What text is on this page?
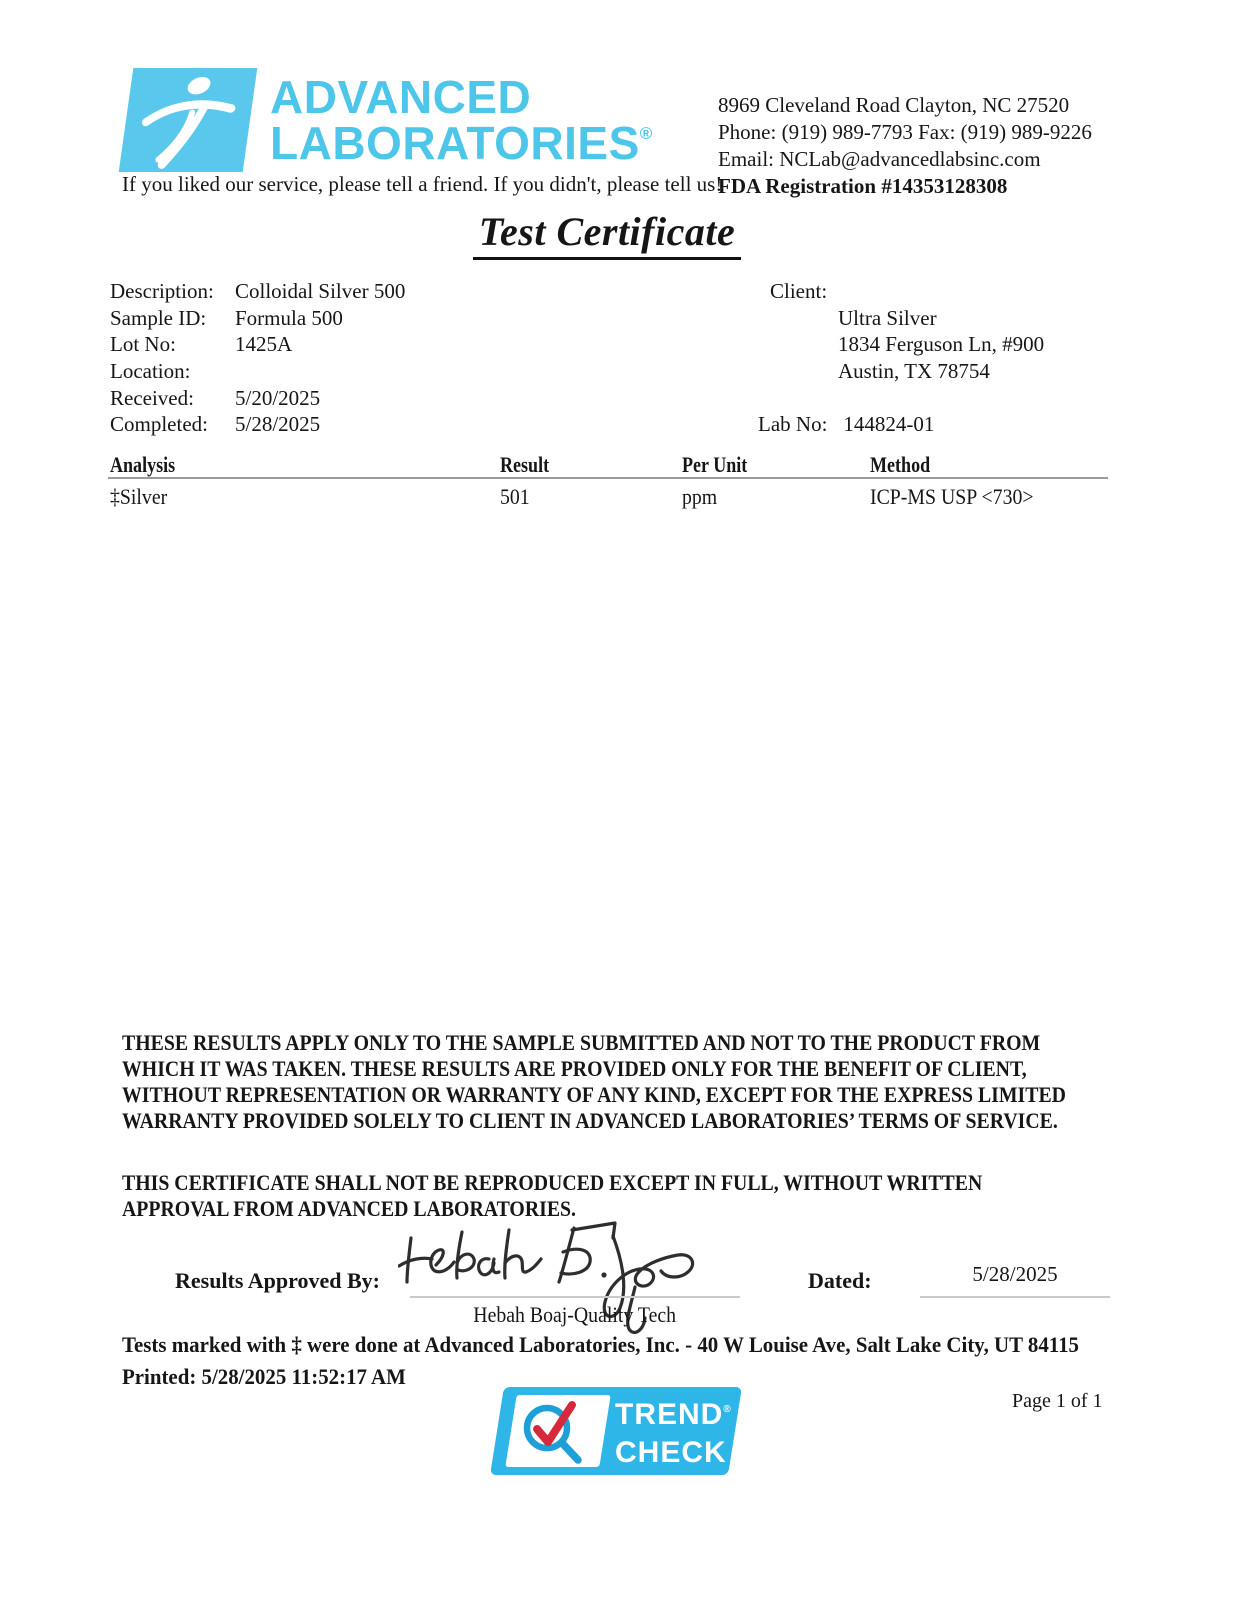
ADVANCED
LABORATORIES®
If you liked our service, please tell a friend. If you didn't, please tell us!
8969 Cleveland Road Clayton, NC 27520
Phone: (919) 989-7793 Fax: (919) 989-9226
Email: NCLab@advancedlabsinc.com
FDA Registration #14353128308
Test Certificate
Description:	Colloidal Silver 500
Sample ID:	Formula 500
Lot No:	1425A
Location:
Received:	5/20/2025
Completed:	5/28/2025
Client:
Ultra Silver
1834 Ferguson Ln, #900
Austin, TX 78754
Lab No: 144824-01
Analysis	Result	Per Unit	Method
‡Silver	501	ppm	ICP-MS USP <730>
THESE RESULTS APPLY ONLY TO THE SAMPLE SUBMITTED AND NOT TO THE PRODUCT FROM
WHICH IT WAS TAKEN. THESE RESULTS ARE PROVIDED ONLY FOR THE BENEFIT OF CLIENT,
WITHOUT REPRESENTATION OR WARRANTY OF ANY KIND, EXCEPT FOR THE EXPRESS LIMITED
WARRANTY PROVIDED SOLELY TO CLIENT IN ADVANCED LABORATORIES’ TERMS OF SERVICE.
THIS CERTIFICATE SHALL NOT BE REPRODUCED EXCEPT IN FULL, WITHOUT WRITTEN
APPROVAL FROM ADVANCED LABORATORIES.
Results Approved By:
Hebah Boaj-Quality Tech
Dated:	5/28/2025
Tests marked with ‡ were done at Advanced Laboratories, Inc. - 40 W Louise Ave, Salt Lake City, UT 84115
Printed: 5/28/2025 11:52:17 AM
Page 1 of 1
TREND®
CHECK
